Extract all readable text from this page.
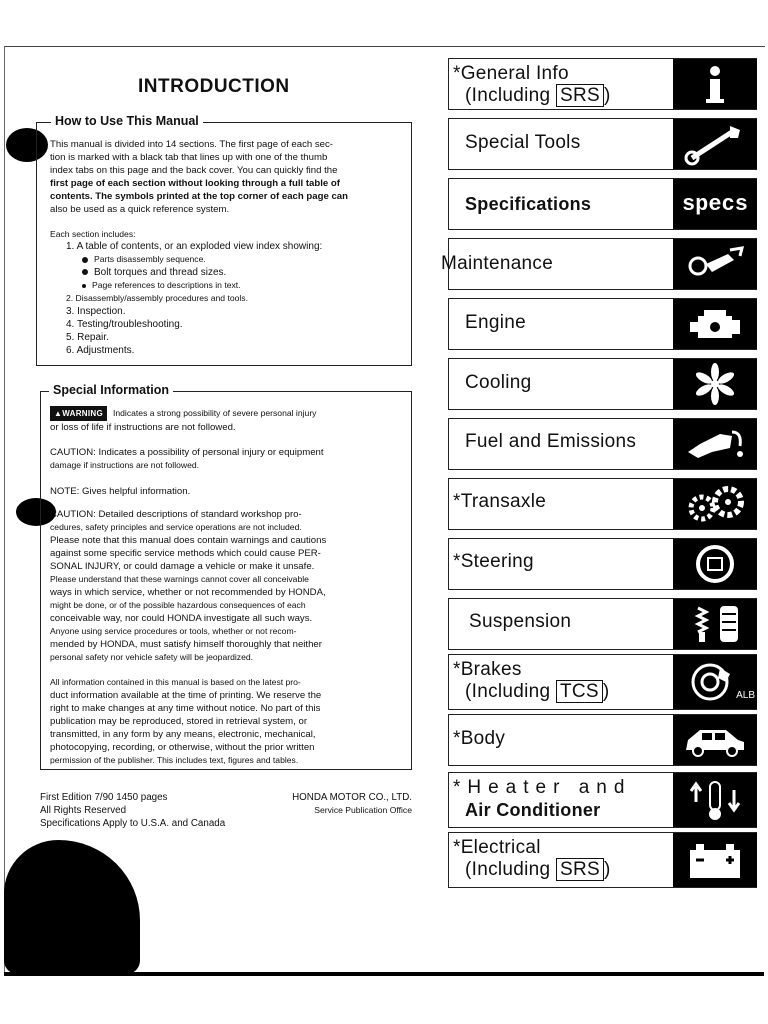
INTRODUCTION
How to Use This Manual
This manual is divided into 14 sections. The first page of each sec-
tion is marked with a black tab that lines up with one of the thumb
index tabs on this page and the back cover. You can quickly find the
first page of each section without looking through a full table of
contents. The symbols printed at the top corner of each page can
also be used as a quick reference system.
Each section includes:
1. A table of contents, or an exploded view index showing:
Parts disassembly sequence.
Bolt torques and thread sizes.
Page references to descriptions in text.
2. Disassembly/assembly procedures and tools.
3. Inspection.
4. Testing/troubleshooting.
5. Repair.
6. Adjustments.
Special Information
▲WARNING Indicates a strong possibility of severe personal injury
or loss of life if instructions are not followed.
CAUTION: Indicates a possibility of personal injury or equipment
damage if instructions are not followed.
NOTE: Gives helpful information.
CAUTION: Detailed descriptions of standard workshop pro-
cedures, safety principles and service operations are not included.
Please note that this manual does contain warnings and cautions
against some specific service methods which could cause PER-
SONAL INJURY, or could damage a vehicle or make it unsafe.
Please understand that these warnings cannot cover all conceivable
ways in which service, whether or not recommended by HONDA,
might be done, or of the possible hazardous consequences of each
conceivable way, nor could HONDA investigate all such ways.
Anyone using service procedures or tools, whether or not recom-
mended by HONDA, must satisfy himself thoroughly that neither
personal safety nor vehicle safety will be jeopardized.
All information contained in this manual is based on the latest pro-
duct information available at the time of printing. We reserve the
right to make changes at any time without notice. No part of this
publication may be reproduced, stored in retrieval system, or
transmitted, in any form by any means, electronic, mechanical,
photocopying, recording, or otherwise, without the prior written
permission of the publisher. This includes text, figures and tables.
First Edition 7/90 1450 pages
All Rights Reserved
Specifications Apply to U.S.A. and Canada
HONDA MOTOR CO., LTD.
Service Publication Office
*General Info
(Including SRS )
Special Tools
Specifications	specs
Maintenance
Engine
Cooling
Fuel and Emissions
*Transaxle
*Steering
Suspension
*Brakes
(Including TCS )	ALB
*Body
*Heater and
Air Conditioner
*Electrical
(Including SRS )
